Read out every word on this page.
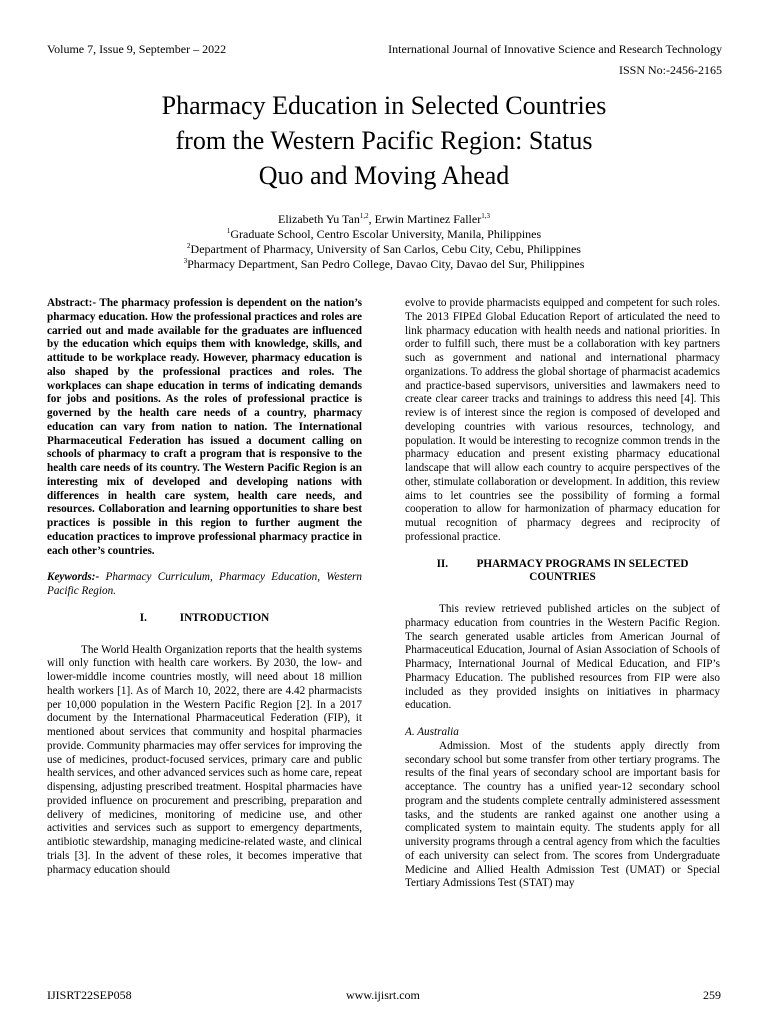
Volume 7, Issue 9, September – 2022	International Journal of Innovative Science and Research Technology
ISSN No:-2456-2165
Pharmacy Education in Selected Countries
from the Western Pacific Region: Status
Quo and Moving Ahead
Elizabeth Yu Tan$^{1,2}$, Erwin Martinez Faller$^{1,3}$
$^1$Graduate School, Centro Escolar University, Manila, Philippines
$^2$Department of Pharmacy, University of San Carlos, Cebu City, Cebu, Philippines
$^3$Pharmacy Department, San Pedro College, Davao City, Davao del Sur, Philippines

Abstract:- The pharmacy profession is dependent on the nation’s pharmacy education. How the professional practices and roles are carried out and made available for the graduates are influenced by the education which equips them with knowledge, skills, and attitude to be workplace ready. However, pharmacy education is also shaped by the professional practices and roles. The workplaces can shape education in terms of indicating demands for jobs and positions. As the roles of professional practice is governed by the health care needs of a country, pharmacy education can vary from nation to nation. The International Pharmaceutical Federation has issued a document calling on schools of pharmacy to craft a program that is responsive to the health care needs of its country. The Western Pacific Region is an interesting mix of developed and developing nations with differences in health care system, health care needs, and resources. Collaboration and learning opportunities to share best practices is possible in this region to further augment the education practices to improve professional pharmacy practice in each other’s countries.

Keywords:- Pharmacy Curriculum, Pharmacy Education, Western Pacific Region.

I.	INTRODUCTION

The World Health Organization reports that the health systems will only function with health care workers. By 2030, the low- and lower-middle income countries mostly, will need about 18 million health workers [1]. As of March 10, 2022, there are 4.42 pharmacists per 10,000 population in the Western Pacific Region [2]. In a 2017 document by the International Pharmaceutical Federation (FIP), it mentioned about services that community and hospital pharmacies provide. Community pharmacies may offer services for improving the use of medicines, product-focused services, primary care and public health services, and other advanced services such as home care, repeat dispensing, adjusting prescribed treatment. Hospital pharmacies have provided influence on procurement and prescribing, preparation and delivery of medicines, monitoring of medicine use, and other activities and services such as support to emergency departments, antibiotic stewardship, managing medicine-related waste, and clinical trials [3]. In the advent of these roles, it becomes imperative that pharmacy education should

evolve to provide pharmacists equipped and competent for such roles. The 2013 FIPEd Global Education Report of articulated the need to link pharmacy education with health needs and national priorities. In order to fulfill such, there must be a collaboration with key partners such as government and national and international pharmacy organizations. To address the global shortage of pharmacist academics and practice-based supervisors, universities and lawmakers need to create clear career tracks and trainings to address this need [4]. This review is of interest since the region is composed of developed and developing countries with various resources, technology, and population. It would be interesting to recognize common trends in the pharmacy education and present existing pharmacy educational landscape that will allow each country to acquire perspectives of the other, stimulate collaboration or development. In addition, this review aims to let countries see the possibility of forming a formal cooperation to allow for harmonization of pharmacy education for mutual recognition of pharmacy degrees and reciprocity of professional practice.

II.	PHARMACY PROGRAMS IN SELECTED
COUNTRIES

This review retrieved published articles on the subject of pharmacy education from countries in the Western Pacific Region. The search generated usable articles from American Journal of Pharmaceutical Education, Journal of Asian Association of Schools of Pharmacy, International Journal of Medical Education, and FIP’s Pharmacy Education. The published resources from FIP were also included as they provided insights on initiatives in pharmacy education.

A. Australia

Admission. Most of the students apply directly from secondary school but some transfer from other tertiary programs. The results of the final years of secondary school are important basis for acceptance. The country has a unified year-12 secondary school program and the students complete centrally administered assessment tasks, and the students are ranked against one another using a complicated system to maintain equity. The students apply for all university programs through a central agency from which the faculties of each university can select from. The scores from Undergraduate Medicine and Allied Health Admission Test (UMAT) or Special Tertiary Admissions Test (STAT) may

IJISRT22SEP058	www.ijisrt.com	259
